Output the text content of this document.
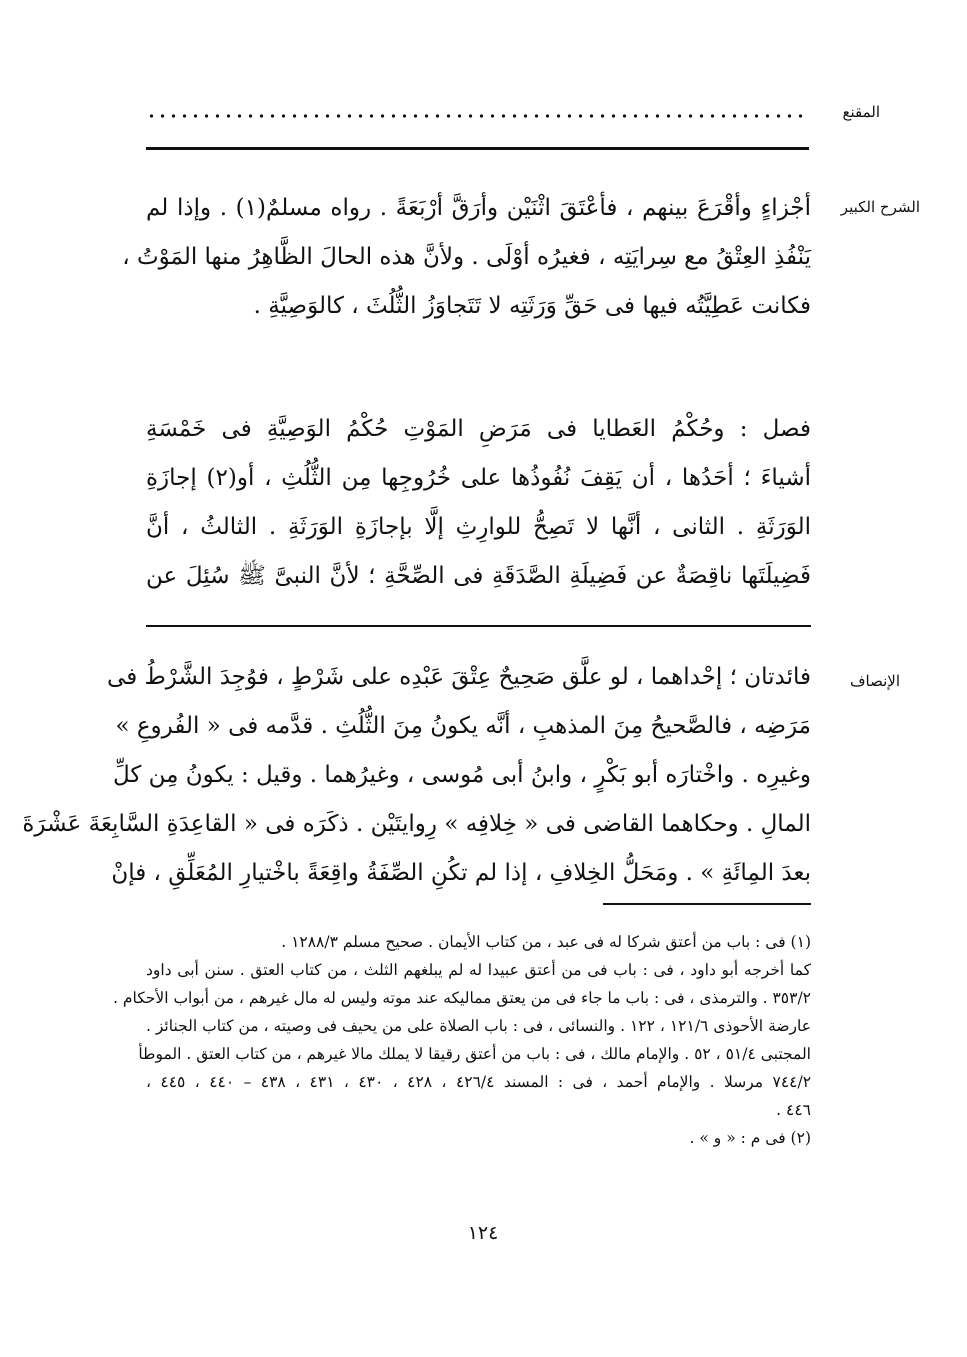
المقنع
الشرح الكبير
أجْزاءٍ وأقْرَعَ بينهم ، فأعْتَقَ اثْنَيْن وأرَقَّ أرْبَعَةً . رواه مسلمٌ(١) . وإذا لم
يَنْفُذِ العِتْقُ مع سِرايَتِه ، فغيرُه أوْلَى . ولأنَّ هذه الحالَ الظَّاهِرُ منها المَوْتُ ،
فكانت عَطِيَّتُه فيها فى حَقِّ وَرَثَتِه لا تَتَجاوَزُ الثُّلُثَ ، كالوَصِيَّةِ .
فصل : وحُكْمُ العَطايا فى مَرَضِ المَوْتِ حُكْمُ الوَصِيَّةِ فى خَمْسَةِ
أشياءَ ؛ أحَدُها ، أن يَقِفَ نُفُوذُها على خُرُوجِها مِن الثُّلُثِ ، أو(٢) إجازَةِ
الوَرَثَةِ . الثانى ، أنَّها لا تَصِحُّ للوارِثِ إلَّا بإجازَةِ الوَرَثَةِ . الثالثُ ، أنَّ
فَضِيلَتَها ناقِصَةٌ عن فَضِيلَةِ الصَّدَقَةِ فى الصِّحَّةِ ؛ لأنَّ النبىَّ ﷺ سُئِلَ عن
الإنصاف
فائدتان ؛ إحْداهما ، لو علَّق صَحِيحٌ عِتْقَ عَبْدِه على شَرْطٍ ، فوُجِدَ الشَّرْطُ فى
مَرَضِه ، فالصَّحيحُ مِنَ المذهبِ ، أنَّه يكونُ مِنَ الثُّلُثِ . قدَّمه فى « الفُروعِ »
وغيرِه . واخْتارَه أبو بَكْرٍ ، وابنُ أبى مُوسى ، وغيرُهما . وقيل : يكونُ مِن كلِّ
المالِ . وحكاهما القاضى فى « خِلافِه » رِوايتَيْن . ذكَرَه فى « القاعِدَةِ السَّابِعَةَ عَشْرَةَ
بعدَ المِائَةِ » . ومَحَلُّ الخِلافِ ، إذا لم تكُنِ الصِّفَةُ واقِعَةً باخْتيارِ المُعَلِّقِ ، فإنْ
(١) فى : باب من أعتق شركا له فى عبد ، من كتاب الأيمان . صحيح مسلم ١٢٨٨/٣ .
كما أخرجه أبو داود ، فى : باب فى من أعتق عبيدا له لم يبلغهم الثلث ، من كتاب العتق . سنن أبى داود
٣٥٣/٢ . والترمذى ، فى : باب ما جاء فى من يعتق مماليكه عند موته وليس له مال غيرهم ، من أبواب الأحكام .
عارضة الأحوذى ١٢١/٦ ، ١٢٢ . والنسائى ، فى : باب الصلاة على من يحيف فى وصيته ، من كتاب الجنائز .
المجتبى ٥١/٤ ، ٥٢ . والإمام مالك ، فى : باب من أعتق رقيقا لا يملك مالا غيرهم ، من كتاب العتق . الموطأ
٧٤٤/٢ مرسلا . والإمام أحمد ، فى : المسند ٤٢٦/٤ ، ٤٢٨ ، ٤٣٠ ، ٤٣١ ، ٤٣٨ – ٤٤٠ ، ٤٤٥ ،
٤٤٦ .
(٢) فى م : « و » .
١٢٤
